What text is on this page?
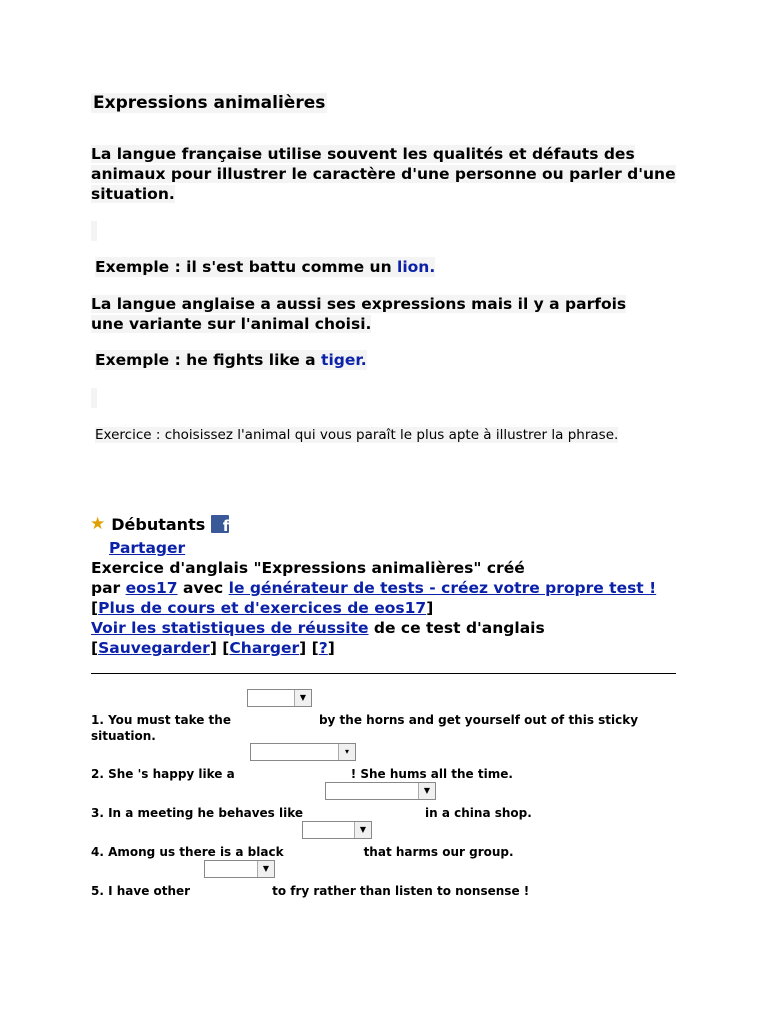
Expressions animalières
La langue française utilise souvent les qualités et défauts des animaux pour illustrer le caractère d'une personne ou parler d'une situation.
Exemple : il s'est battu comme un lion.
La langue anglaise a aussi ses expressions mais il y a parfois une variante sur l'animal choisi.
Exemple : he fights like a tiger.
Exercice : choisissez l'animal qui vous paraît le plus apte à illustrer la phrase.
★ Débutants	f
Partager
Exercice d'anglais "Expressions animalières" créé
par eos17 avec le générateur de tests - créez votre propre test ! [Plus de cours et d'exercices de eos17]
Voir les statistiques de réussite de ce test d'anglais
[Sauvegarder] [Charger] [?]
▼
1. You must take the	by the horns and get yourself out of this sticky situation.
▾
2. She 's happy like a	! She hums all the time.
▼
3. In a meeting he behaves like	in a china shop.
▼
4. Among us there is a black	that harms our group.
▼
5. I have other	to fry rather than listen to nonsense !
